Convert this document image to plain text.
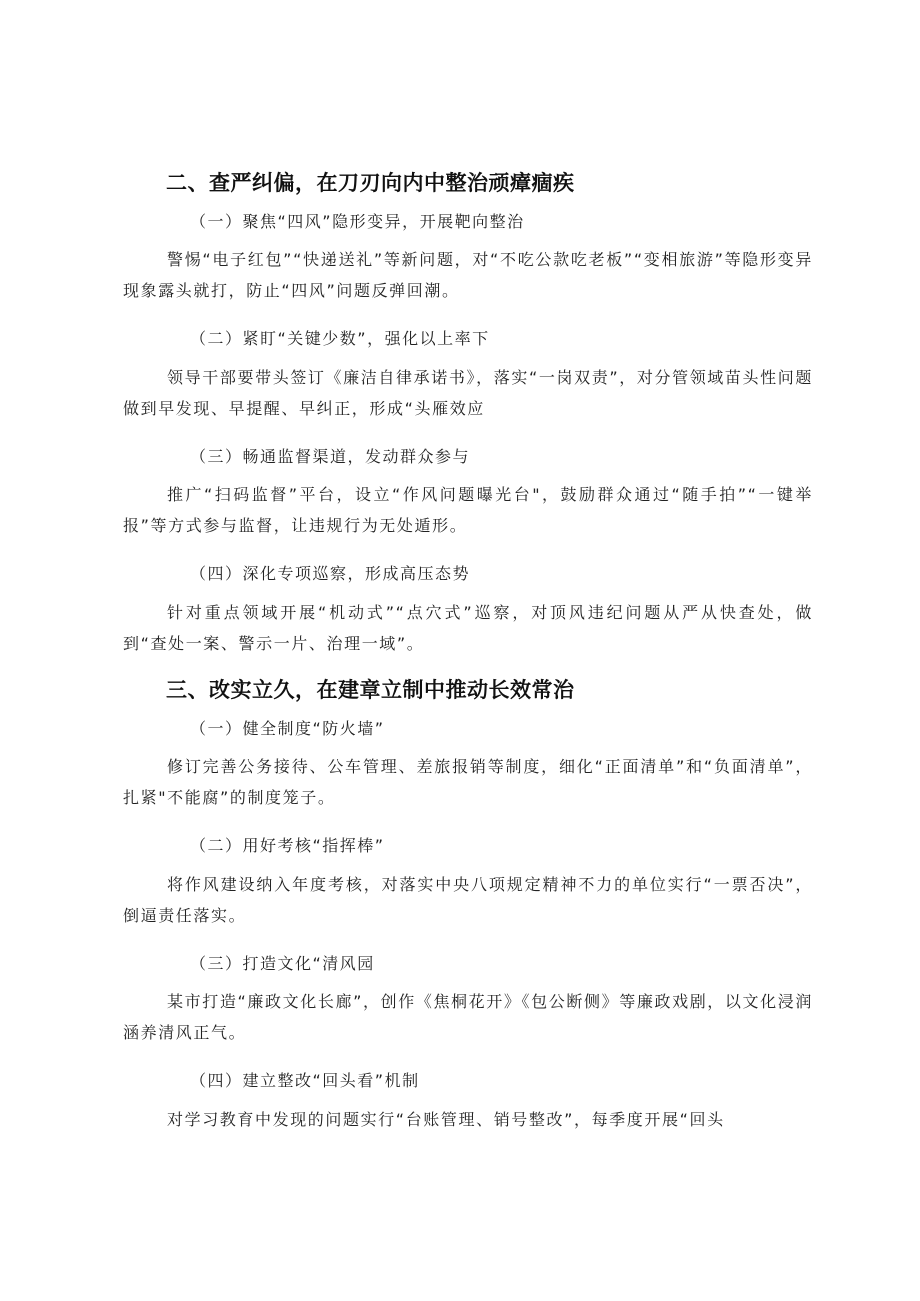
二、查严纠偏，在刀刃向内中整治顽瘴痼疾
（一）聚焦“四风”隐形变异，开展靶向整治
警惕“电子红包”“快递送礼”等新问题，对“不吃公款吃老板”“变相旅游”等隐形变异现象露头就打，防止“四风”问题反弹回潮。
（二）紧盯“关键少数”，强化以上率下
领导干部要带头签订《廉洁自律承诺书》，落实“一岗双责”，对分管领域苗头性问题做到早发现、早提醒、早纠正，形成“头雁效应
（三）畅通监督渠道，发动群众参与
推广“扫码监督”平台，设立“作风问题曝光台"，鼓励群众通过“随手拍”“一键举报”等方式参与监督，让违规行为无处遁形。
（四）深化专项巡察，形成高压态势
针对重点领域开展“机动式”“点穴式”巡察，对顶风违纪问题从严从快查处，做到“查处一案、警示一片、治理一域”。
三、改实立久，在建章立制中推动长效常治
（一）健全制度“防火墙”
修订完善公务接待、公车管理、差旅报销等制度，细化“正面清单”和“负面清单”，扎紧"不能腐”的制度笼子。
（二）用好考核“指挥棒”
将作风建设纳入年度考核，对落实中央八项规定精神不力的单位实行“一票否决”，倒逼责任落实。
（三）打造文化“清风园
某市打造“廉政文化长廊”，创作《焦桐花开》《包公断侧》等廉政戏剧，以文化浸润涵养清风正气。
（四）建立整改“回头看”机制
对学习教育中发现的问题实行“台账管理、销号整改”，每季度开展“回头
